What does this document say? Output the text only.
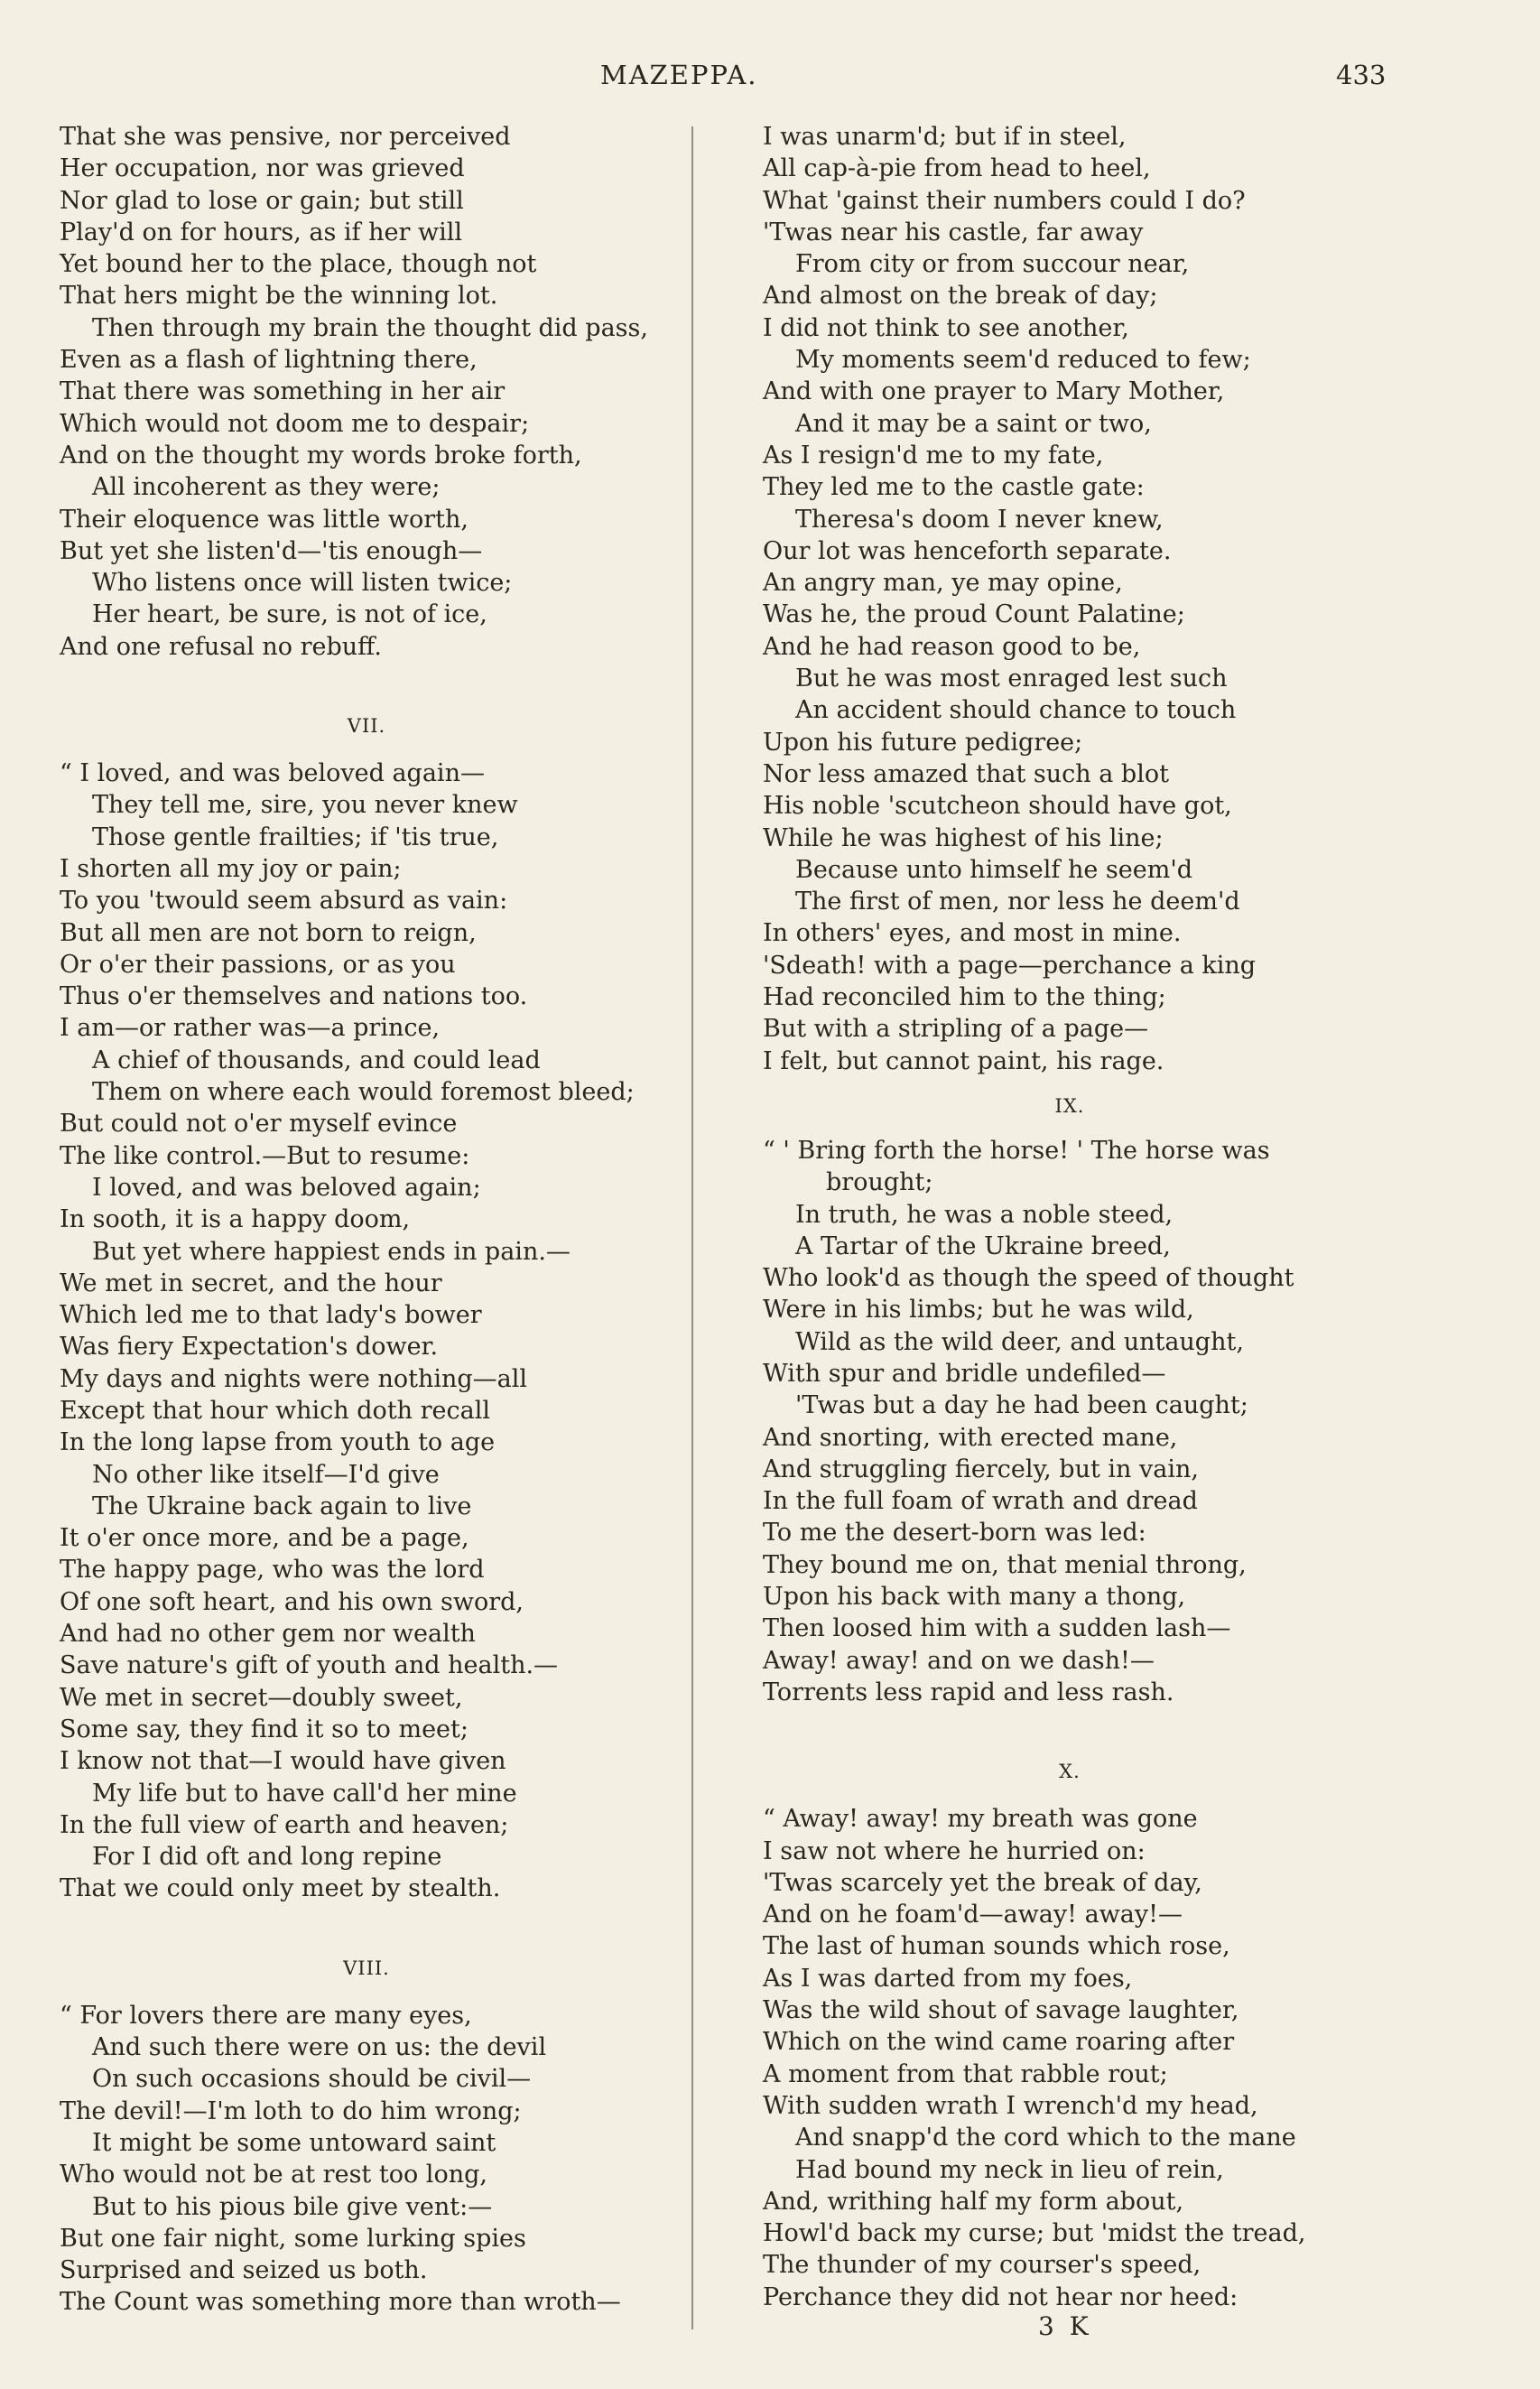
MAZEPPA.	433
That she was pensive, nor perceived
Her occupation, nor was grieved
Nor glad to lose or gain; but still
Play'd on for hours, as if her will
Yet bound her to the place, though not
That hers might be the winning lot.
Then through my brain the thought did pass,
Even as a flash of lightning there,
That there was something in her air
Which would not doom me to despair;
And on the thought my words broke forth,
All incoherent as they were;
Their eloquence was little worth,
But yet she listen'd—'tis enough—
Who listens once will listen twice;
Her heart, be sure, is not of ice,
And one refusal no rebuff.
VII.
“ I loved, and was beloved again—
They tell me, sire, you never knew
Those gentle frailties; if 'tis true,
I shorten all my joy or pain;
To you 'twould seem absurd as vain:
But all men are not born to reign,
Or o'er their passions, or as you
Thus o'er themselves and nations too.
I am—or rather was—a prince,
A chief of thousands, and could lead
Them on where each would foremost bleed;
But could not o'er myself evince
The like control.—But to resume:
I loved, and was beloved again;
In sooth, it is a happy doom,
But yet where happiest ends in pain.—
We met in secret, and the hour
Which led me to that lady's bower
Was fiery Expectation's dower.
My days and nights were nothing—all
Except that hour which doth recall
In the long lapse from youth to age
No other like itself—I'd give
The Ukraine back again to live
It o'er once more, and be a page,
The happy page, who was the lord
Of one soft heart, and his own sword,
And had no other gem nor wealth
Save nature's gift of youth and health.—
We met in secret—doubly sweet,
Some say, they find it so to meet;
I know not that—I would have given
My life but to have call'd her mine
In the full view of earth and heaven;
For I did oft and long repine
That we could only meet by stealth.
VIII.
“ For lovers there are many eyes,
And such there were on us: the devil
On such occasions should be civil—
The devil!—I'm loth to do him wrong;
It might be some untoward saint
Who would not be at rest too long,
But to his pious bile give vent:—
But one fair night, some lurking spies
Surprised and seized us both.
The Count was something more than wroth—
I was unarm'd; but if in steel,
All cap-à-pie from head to heel,
What 'gainst their numbers could I do?
'Twas near his castle, far away
From city or from succour near,
And almost on the break of day;
I did not think to see another,
My moments seem'd reduced to few;
And with one prayer to Mary Mother,
And it may be a saint or two,
As I resign'd me to my fate,
They led me to the castle gate:
Theresa's doom I never knew,
Our lot was henceforth separate.
An angry man, ye may opine,
Was he, the proud Count Palatine;
And he had reason good to be,
But he was most enraged lest such
An accident should chance to touch
Upon his future pedigree;
Nor less amazed that such a blot
His noble 'scutcheon should have got,
While he was highest of his line;
Because unto himself he seem'd
The first of men, nor less he deem'd
In others' eyes, and most in mine.
'Sdeath! with a page—perchance a king
Had reconciled him to the thing;
But with a stripling of a page—
I felt, but cannot paint, his rage.
IX.
“ ' Bring forth the horse! ' The horse was
brought;
In truth, he was a noble steed,
A Tartar of the Ukraine breed,
Who look'd as though the speed of thought
Were in his limbs; but he was wild,
Wild as the wild deer, and untaught,
With spur and bridle undefiled—
'Twas but a day he had been caught;
And snorting, with erected mane,
And struggling fiercely, but in vain,
In the full foam of wrath and dread
To me the desert-born was led:
They bound me on, that menial throng,
Upon his back with many a thong,
Then loosed him with a sudden lash—
Away! away! and on we dash!—
Torrents less rapid and less rash.
X.
“ Away! away! my breath was gone
I saw not where he hurried on:
'Twas scarcely yet the break of day,
And on he foam'd—away! away!—
The last of human sounds which rose,
As I was darted from my foes,
Was the wild shout of savage laughter,
Which on the wind came roaring after
A moment from that rabble rout;
With sudden wrath I wrench'd my head,
And snapp'd the cord which to the mane
Had bound my neck in lieu of rein,
And, writhing half my form about,
Howl'd back my curse; but 'midst the tread,
The thunder of my courser's speed,
Perchance they did not hear nor heed:
3 K
